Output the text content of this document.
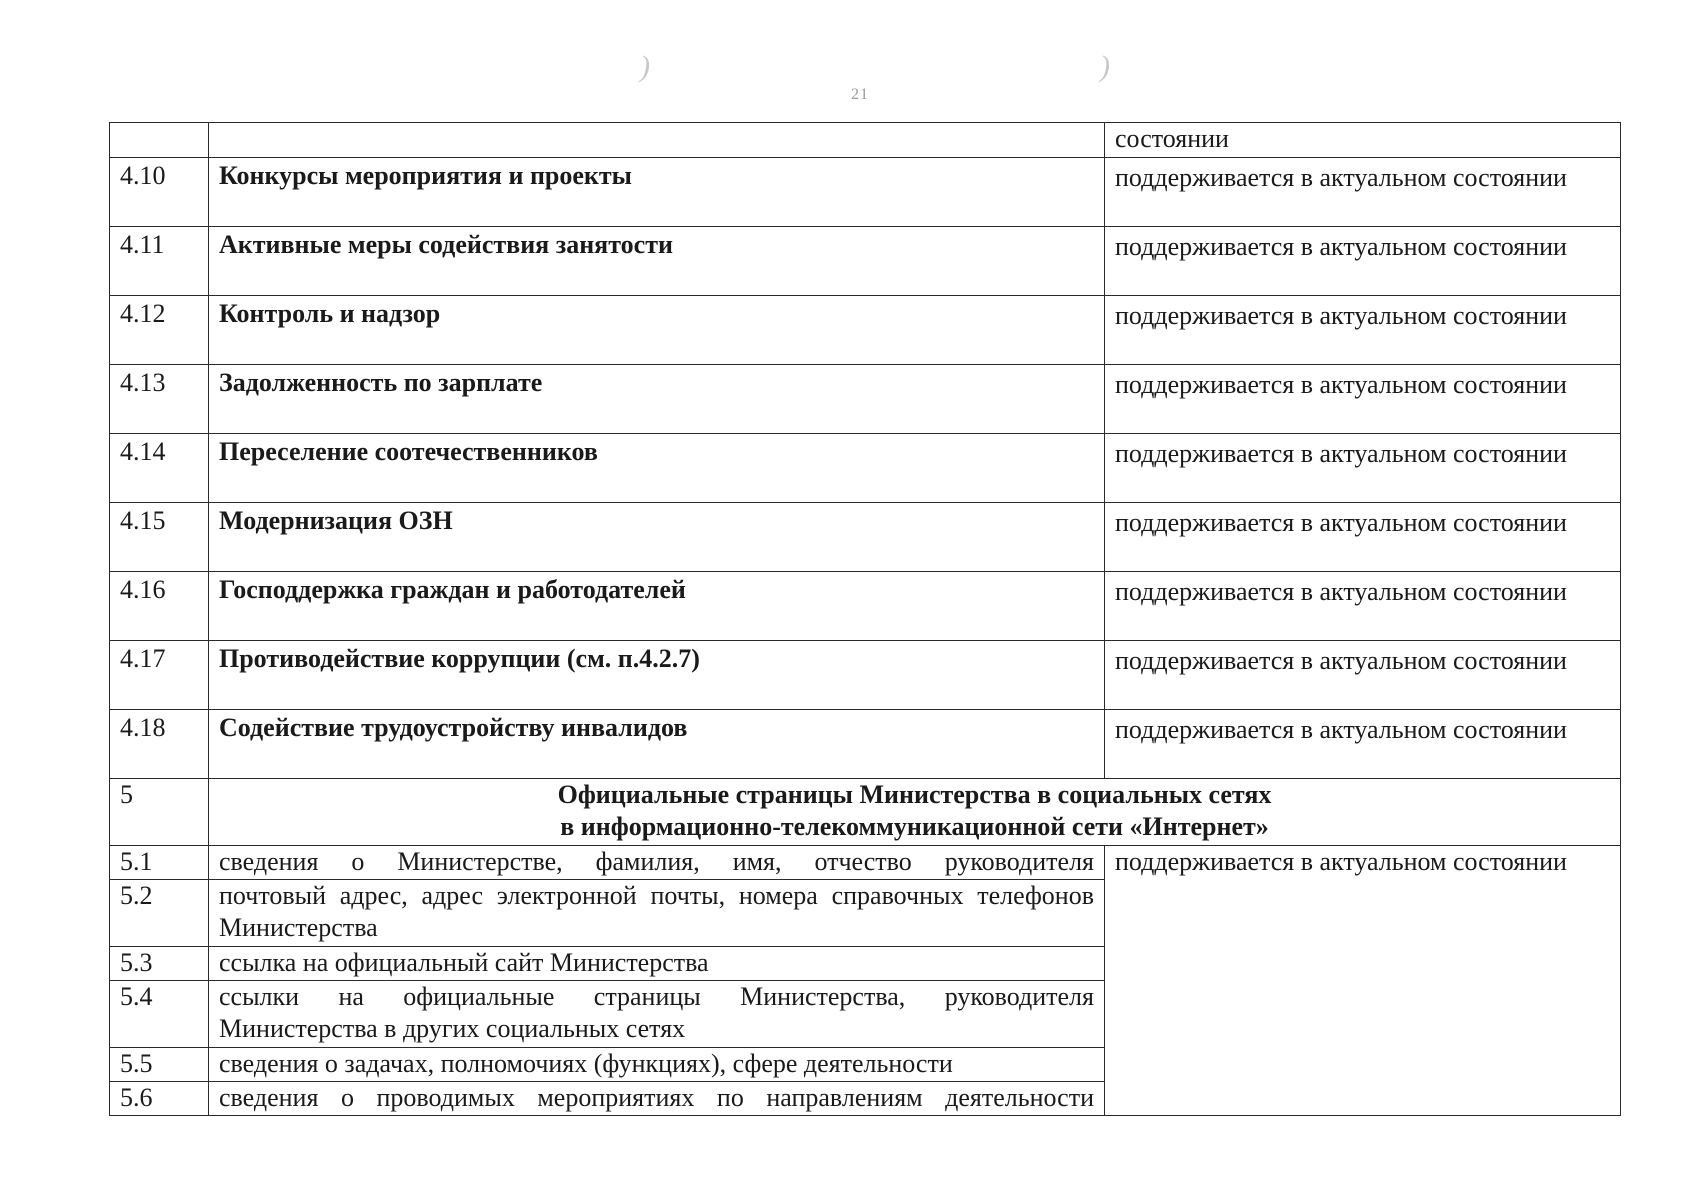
)	)
21
		состоянии
4.10	Конкурсы мероприятия и проекты	поддерживается в актуальном состоянии
4.11	Активные меры содействия занятости	поддерживается в актуальном состоянии
4.12	Контроль и надзор	поддерживается в актуальном состоянии
4.13	Задолженность по зарплате	поддерживается в актуальном состоянии
4.14	Переселение соотечественников	поддерживается в актуальном состоянии
4.15	Модернизация ОЗН	поддерживается в актуальном состоянии
4.16	Господдержка граждан и работодателей	поддерживается в актуальном состоянии
4.17	Противодействие коррупции (см. п.4.2.7)	поддерживается в актуальном состоянии
4.18	Содействие трудоустройству инвалидов	поддерживается в актуальном состоянии
5	Официальные страницы Министерства в социальных сетях
в информационно-телекоммуникационной сети «Интернет»	

5.1	сведения о Министерстве, фамилия, имя, отчество руководителя	поддерживается в актуальном состоянии
5.2	почтовый адрес, адрес электронной почты, номера справочных телефонов Министерства	
5.3	ссылка на официальный сайт Министерства	
5.4	ссылки на официальные страницы Министерства, руководителя Министерства в других социальных сетях	
5.5	сведения о задачах, полномочиях (функциях), сфере деятельности	
5.6	сведения о проводимых мероприятиях по направлениям деятельности	
